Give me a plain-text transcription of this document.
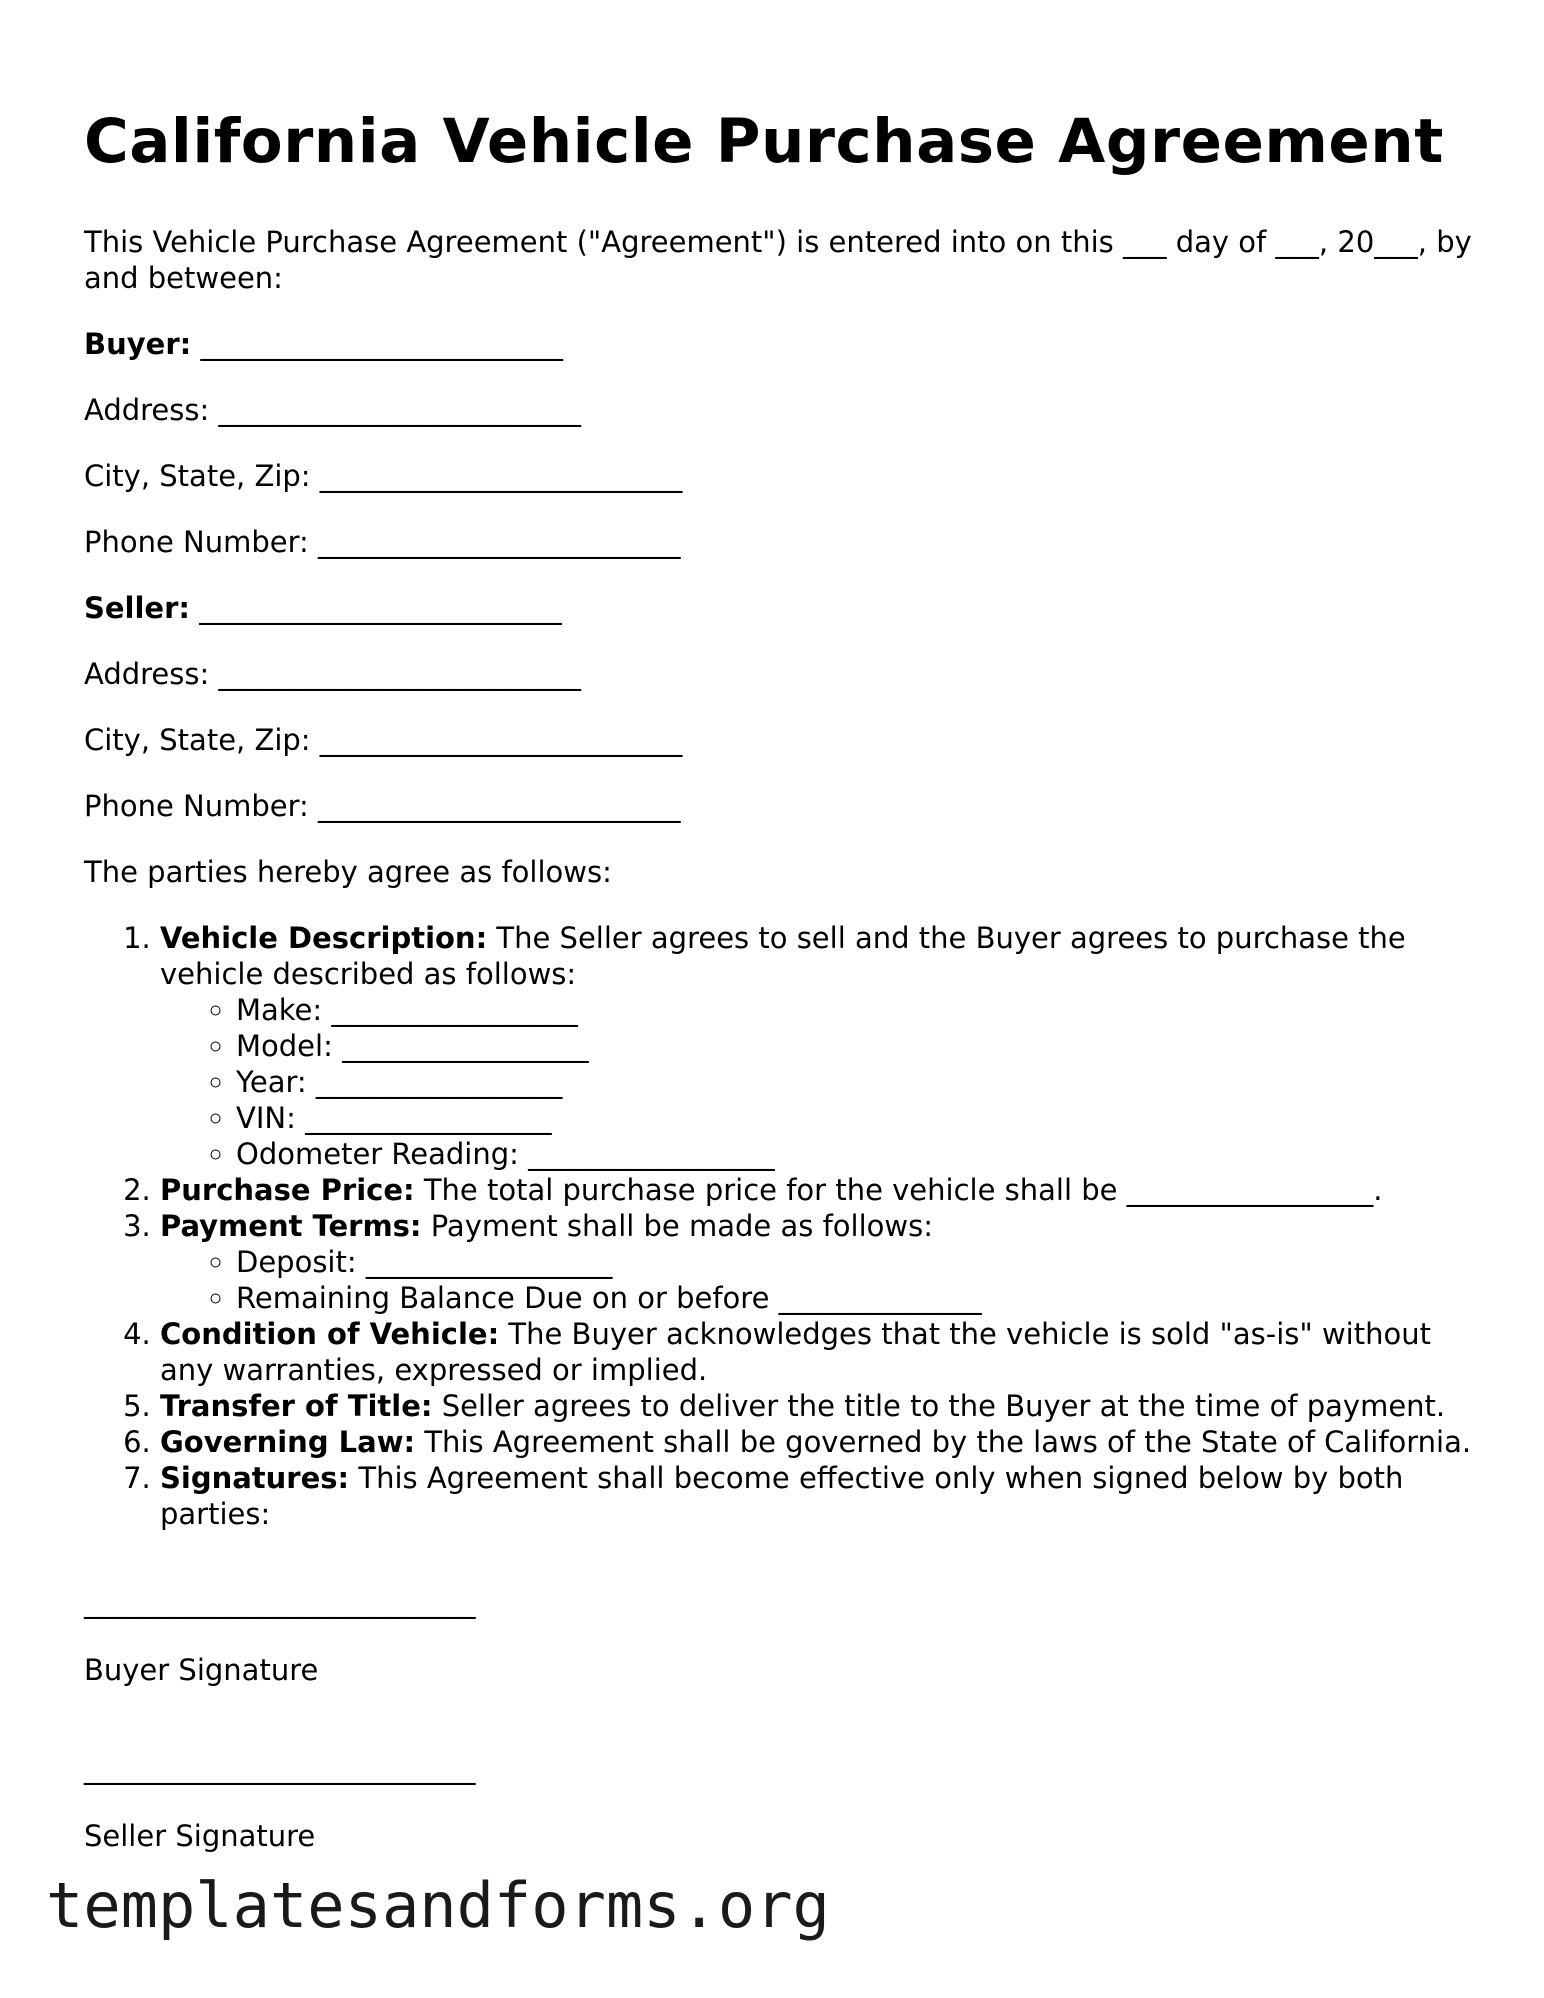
California Vehicle Purchase Agreement

This Vehicle Purchase Agreement ("Agreement") is entered into on this ___ day of ___, 20___, by and between:

Buyer: _________________________
Address: _________________________
City, State, Zip: _________________________
Phone Number: _________________________
Seller: _________________________
Address: _________________________
City, State, Zip: _________________________
Phone Number: _________________________

The parties hereby agree as follows:

1. Vehicle Description: The Seller agrees to sell and the Buyer agrees to purchase the vehicle described as follows:
◦ Make: _________________
◦ Model: _________________
◦ Year: _________________
◦ VIN: _________________
◦ Odometer Reading: _________________
2. Purchase Price: The total purchase price for the vehicle shall be _________________.
3. Payment Terms: Payment shall be made as follows:
◦ Deposit: _________________
◦ Remaining Balance Due on or before ______________
4. Condition of Vehicle: The Buyer acknowledges that the vehicle is sold "as-is" without any warranties, expressed or implied.
5. Transfer of Title: Seller agrees to deliver the title to the Buyer at the time of payment.
6. Governing Law: This Agreement shall be governed by the laws of the State of California.
7. Signatures: This Agreement shall become effective only when signed below by both parties:
___________________________
Buyer Signature
___________________________
Seller Signature
templatesandforms.org
